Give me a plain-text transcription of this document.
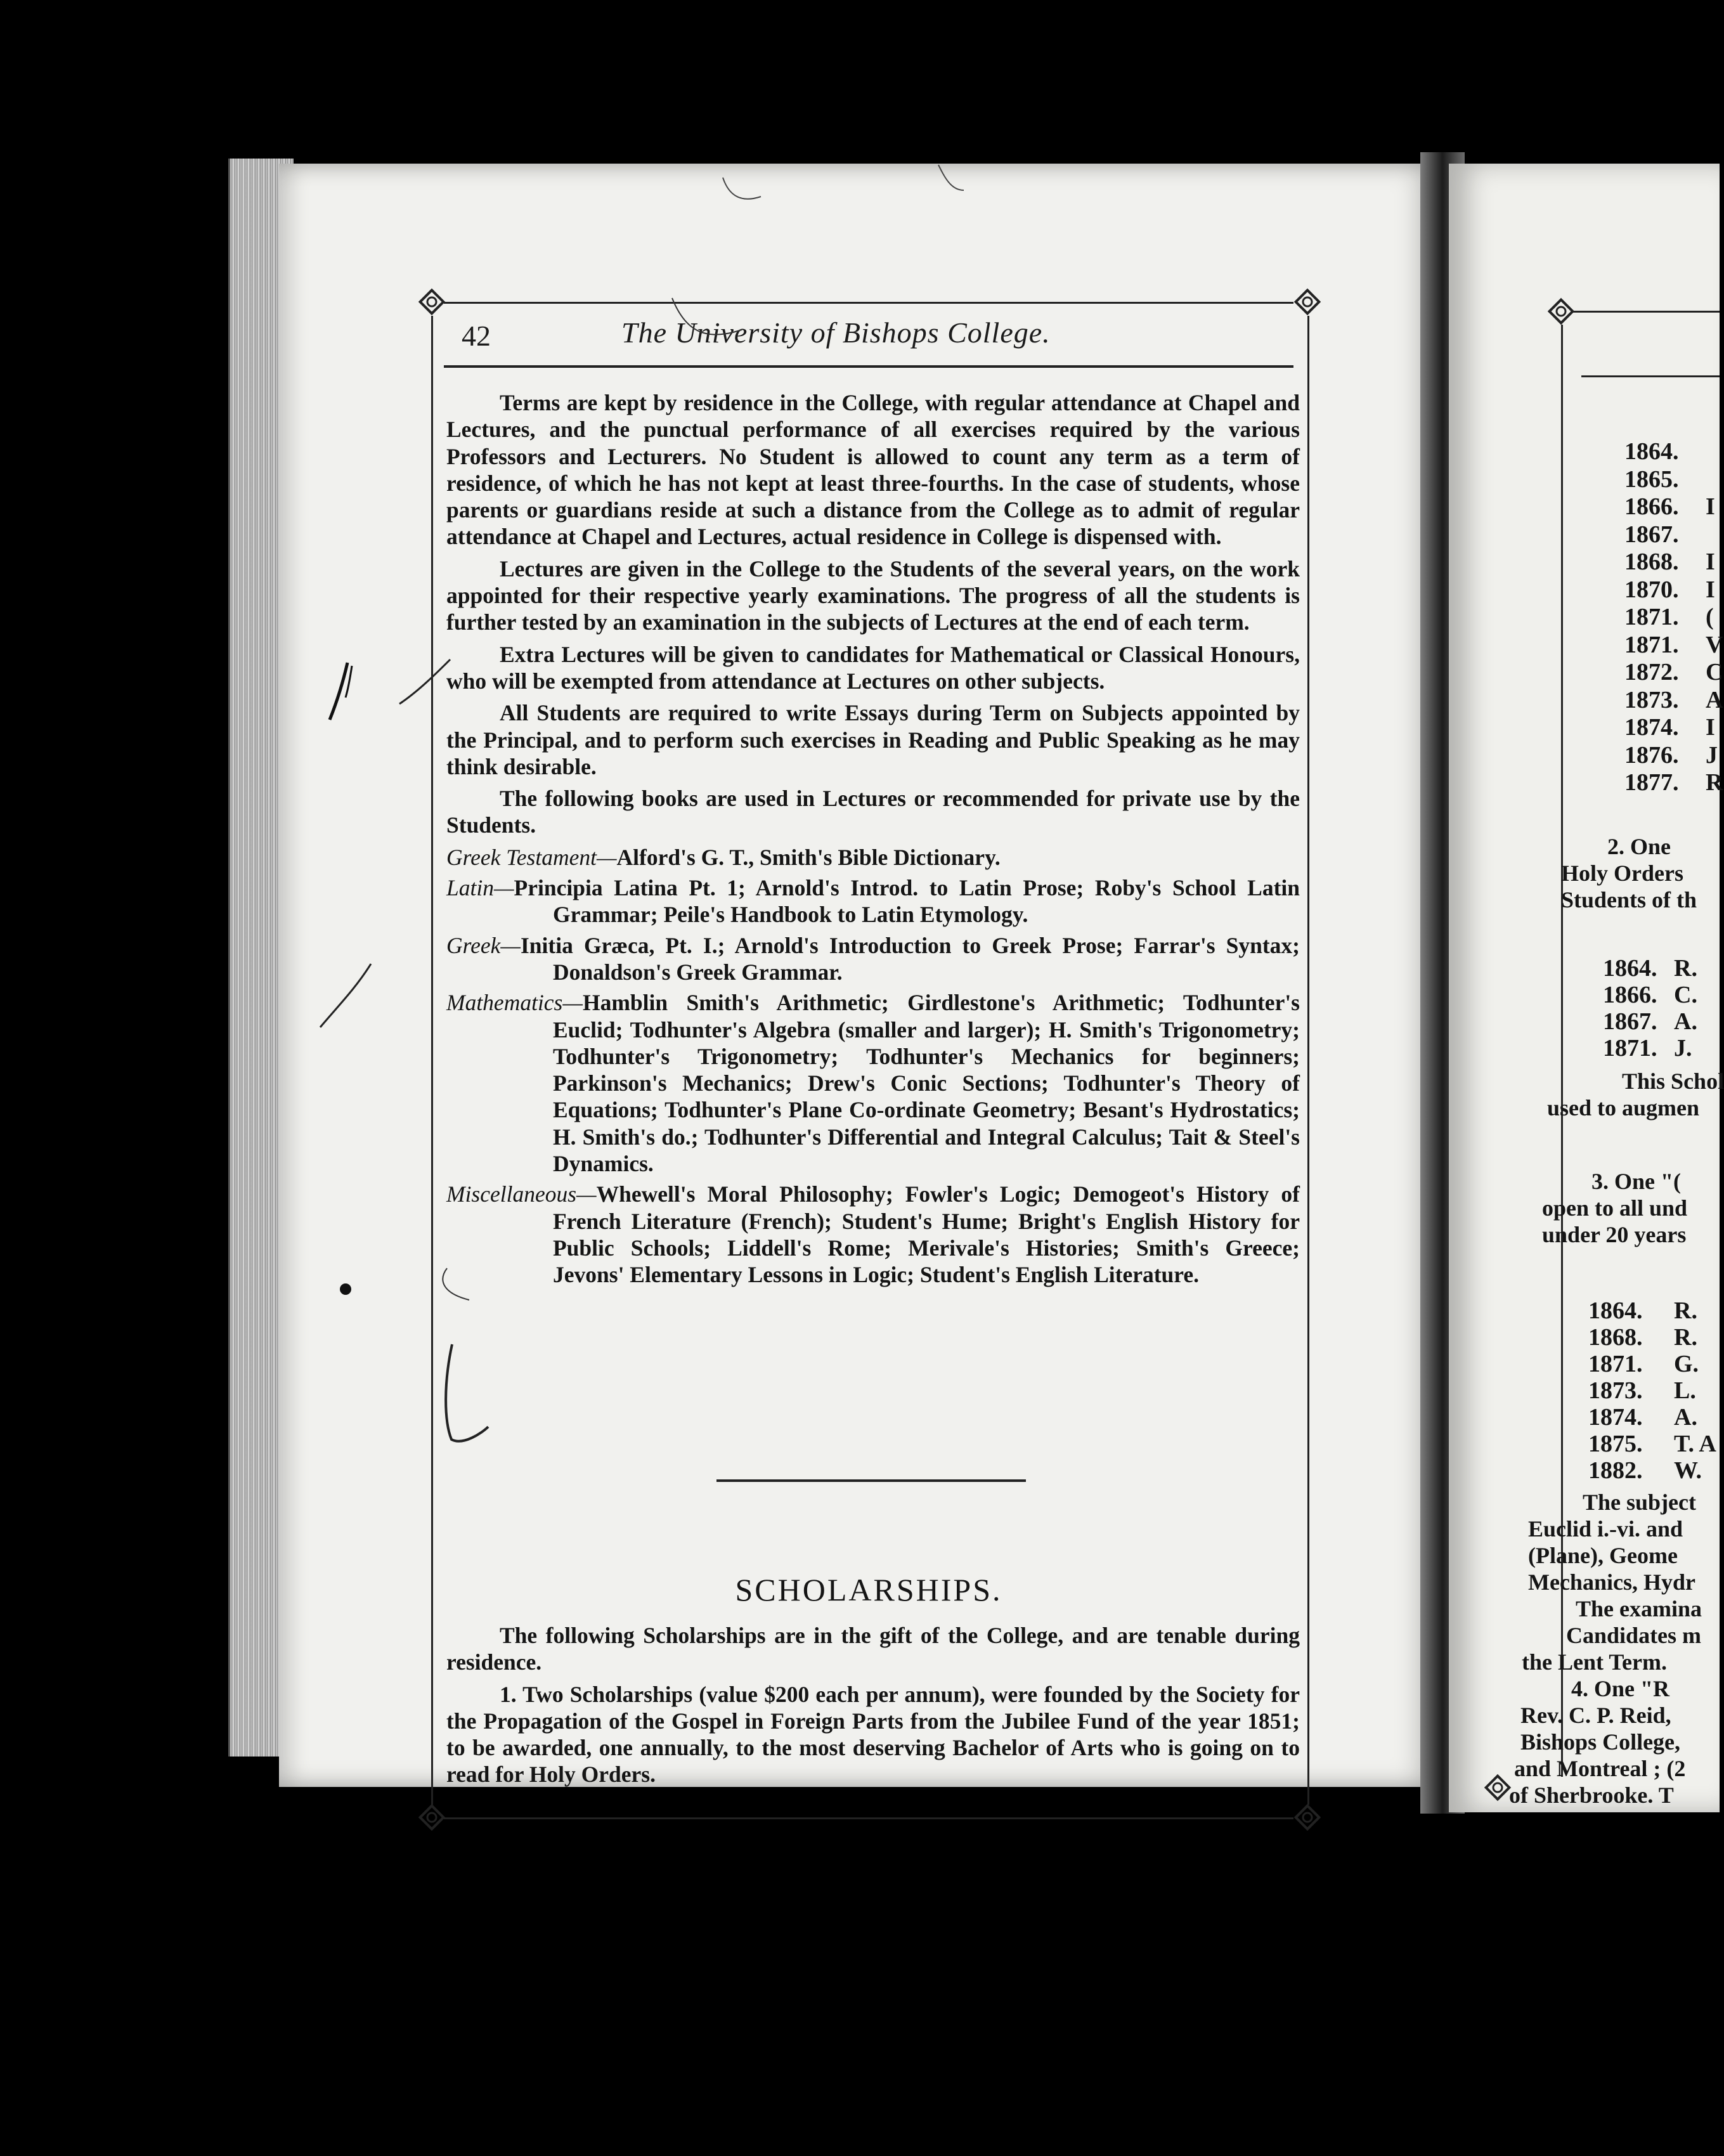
42	The University of Bishops College.

Terms are kept by residence in the College, with regular attendance at Chapel and Lectures, and the punctual performance of all exercises required by the various Professors and Lecturers. No Student is allowed to count any term as a term of residence, of which he has not kept at least three-fourths. In the case of students, whose parents or guardians reside at such a distance from the College as to admit of regular attendance at Chapel and Lectures, actual residence in College is dispensed with.

Lectures are given in the College to the Students of the several years, on the work appointed for their respective yearly examinations. The progress of all the students is further tested by an examination in the subjects of Lectures at the end of each term.

Extra Lectures will be given to candidates for Mathematical or Classical Honours, who will be exempted from attendance at Lectures on other subjects.

All Students are required to write Essays during Term on Subjects appointed by the Principal, and to perform such exercises in Reading and Public Speaking as he may think desirable.

The following books are used in Lectures or recommended for private use by the Students.

Greek Testament—Alford's G. T., Smith's Bible Dictionary.

Latin—Principia Latina Pt. 1; Arnold's Introd. to Latin Prose; Roby's School Latin Grammar; Peile's Handbook to Latin Etymology.

Greek—Initia Græca, Pt. I.; Arnold's Introduction to Greek Prose; Farrar's Syntax; Donaldson's Greek Grammar.

Mathematics—Hamblin Smith's Arithmetic; Girdlestone's Arithmetic; Todhunter's Euclid; Todhunter's Algebra (smaller and larger); H. Smith's Trigonometry; Todhunter's Trigonometry; Todhunter's Mechanics for beginners; Parkinson's Mechanics; Drew's Conic Sections; Todhunter's Theory of Equations; Todhunter's Plane Co-ordinate Geometry; Besant's Hydrostatics; H. Smith's do.; Todhunter's Differential and Integral Calculus; Tait & Steel's Dynamics.

Miscellaneous—Whewell's Moral Philosophy; Fowler's Logic; Demogeot's History of French Literature (French); Student's Hume; Bright's English History for Public Schools; Liddell's Rome; Merivale's Histories; Smith's Greece; Jevons' Elementary Lessons in Logic; Student's English Literature.

SCHOLARSHIPS.

The following Scholarships are in the gift of the College, and are tenable during residence.

1. Two Scholarships (value $200 each per annum), were founded by the Society for the Propagation of the Gospel in Foreign Parts from the Jubilee Fund of the year 1851; to be awarded, one annually, to the most deserving Bachelor of Arts who is going on to read for Holy Orders.

1864.
1865.
1866. I
1867.
1868. I
1870. I
1871. (
1871. V
1872. C
1873. A
1874. I
1876. J
1877. R
2. One
Holy Orders
Students of th
1864. R.
1866. C.
1867. A.
1871. J.
This Schol
used to augmen
3. One "(
open to all und
under 20 years
1864. R.
1868. R.
1871. G.
1873. L.
1874. A.
1875. T. A
1882. W.
The subject
Euclid i.-vi. and
(Plane), Geome
Mechanics, Hydr
The examina
Candidates m
the Lent Term.
4. One "R
Rev. C. P. Reid,
Bishops College,
and Montreal ; (2
of Sherbrooke. T
